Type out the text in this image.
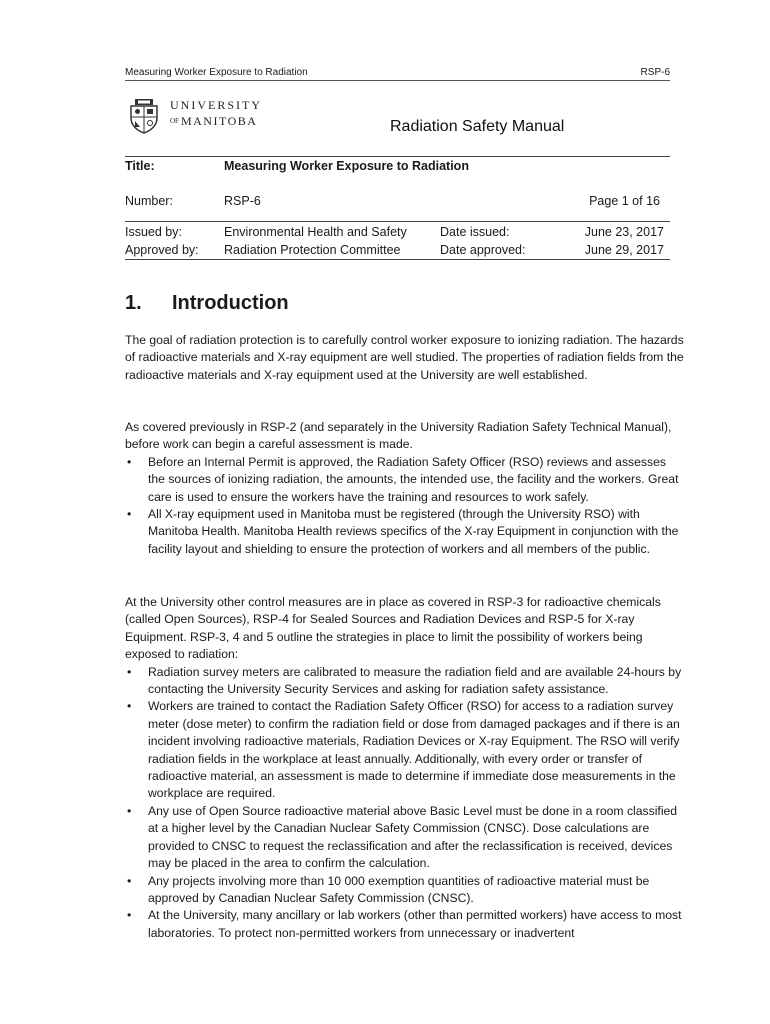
Measuring Worker Exposure to Radiation	RSP-6
UNIVERSITY
OF MANITOBA	Radiation Safety Manual
Title:	Measuring Worker Exposure to Radiation
Number:	RSP-6	Page 1 of 16
Issued by:	Environmental Health and Safety	Date issued:	June 23, 2017
Approved by: Radiation Protection Committee	Date approved:	June 29, 2017
1. Introduction

The goal of radiation protection is to carefully control worker exposure to ionizing radiation. The hazards of radioactive materials and X-ray equipment are well studied. The properties of radiation fields from the radioactive materials and X-ray equipment used at the University are well established.

As covered previously in RSP-2 (and separately in the University Radiation Safety Technical Manual), before work can begin a careful assessment is made.

• Before an Internal Permit is approved, the Radiation Safety Officer (RSO) reviews and assesses the sources of ionizing radiation, the amounts, the intended use, the facility and the workers. Great care is used to ensure the workers have the training and resources to work safely.
• All X-ray equipment used in Manitoba must be registered (through the University RSO) with Manitoba Health. Manitoba Health reviews specifics of the X-ray Equipment in conjunction with the facility layout and shielding to ensure the protection of workers and all members of the public.

At the University other control measures are in place as covered in RSP-3 for radioactive chemicals (called Open Sources), RSP-4 for Sealed Sources and Radiation Devices and RSP-5 for X-ray Equipment. RSP-3, 4 and 5 outline the strategies in place to limit the possibility of workers being exposed to radiation:

• Radiation survey meters are calibrated to measure the radiation field and are available 24-hours by contacting the University Security Services and asking for radiation safety assistance.
• Workers are trained to contact the Radiation Safety Officer (RSO) for access to a radiation survey meter (dose meter) to confirm the radiation field or dose from damaged packages and if there is an incident involving radioactive materials, Radiation Devices or X-ray Equipment. The RSO will verify radiation fields in the workplace at least annually. Additionally, with every order or transfer of radioactive material, an assessment is made to determine if immediate dose measurements in the workplace are required.
• Any use of Open Source radioactive material above Basic Level must be done in a room classified at a higher level by the Canadian Nuclear Safety Commission (CNSC). Dose calculations are provided to CNSC to request the reclassification and after the reclassification is received, devices may be placed in the area to confirm the calculation.
• Any projects involving more than 10 000 exemption quantities of radioactive material must be approved by Canadian Nuclear Safety Commission (CNSC).
• At the University, many ancillary or lab workers (other than permitted workers) have access to most laboratories. To protect non-permitted workers from unnecessary or inadvertent
